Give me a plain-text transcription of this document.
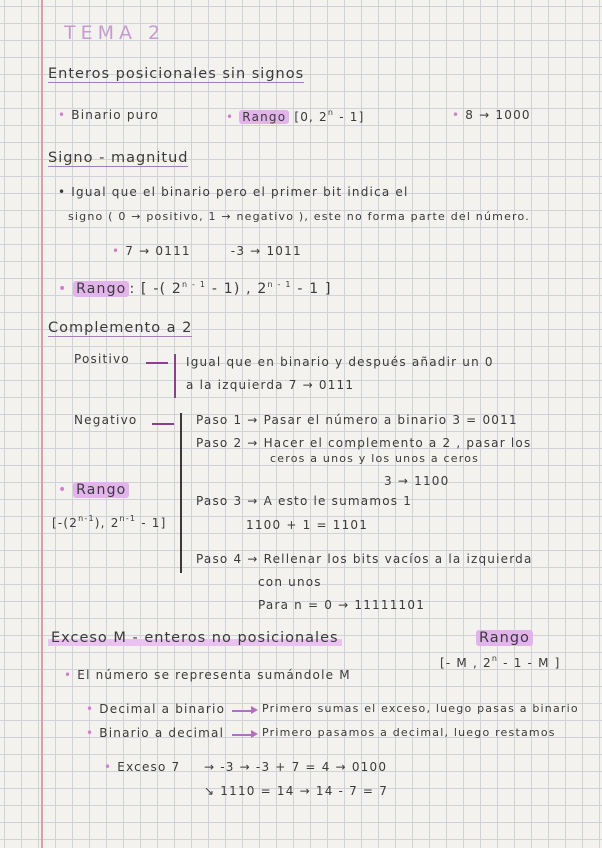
TEMA 2
Enteros posicionales sin signos
• Binario puro	• Rango [0, 2$^n$ - 1]	• 8 → 1000
Signo - magnitud
• Igual que el binario pero el primer bit indica el
signo ( 0 → positivo, 1 → negativo ), este no forma parte del número.
• 7 → 0111	-3 → 1011
• Rango : [ -( 2$^{n - 1}$ - 1) , 2$^{n - 1}$ - 1 ]
Complemento a 2
Positivo	Igual que en binario y después añadir un 0
a la izquierda 7 → 0111
Negativo	Paso 1 → Pasar el número a binario 3 = 0011
Paso 2 → Hacer el complemento a 2 , pasar los
ceros a unos y los unos a ceros
3 → 1100
• Rango
[-(2$^{n-1}$), 2$^{n-1}$ - 1]
Paso 3 → A esto le sumamos 1
1100 + 1 = 1101
Paso 4 → Rellenar los bits vacíos a la izquierda
con unos
Para n = 0 → 11111101
Exceso M - enteros no posicionales	Rango
[- M , 2$^n$ - 1 - M ]
• El número se representa sumándole M
• Decimal a binario	Primero sumas el exceso, luego pasas a binario
• Binario a decimal	Primero pasamos a decimal, luego restamos
• Exceso 7 → -3 → -3 + 7 = 4 → 0100
↘ 1110 = 14 → 14 - 7 = 7
